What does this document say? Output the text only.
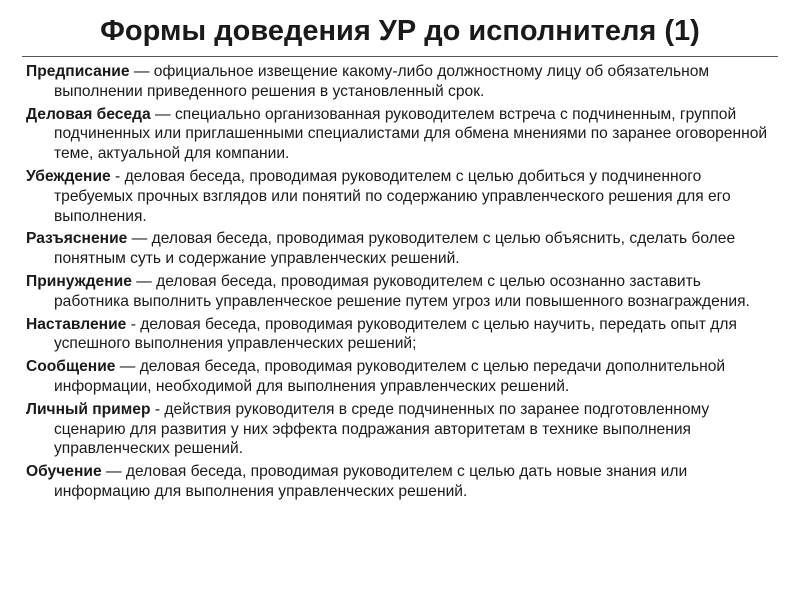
Формы доведения УР до исполнителя (1)
Предписание — официальное извещение какому-либо должностному лицу об обязательном выполнении приведенного решения в установленный срок.
Деловая беседа — специально организованная руководителем встреча с подчиненным, группой подчиненных или приглашенными специалистами для обмена мнениями по заранее оговоренной теме, актуальной для компании.
Убеждение - деловая беседа, проводимая руководителем с целью добиться у подчиненного требуемых прочных взглядов или понятий по содержанию управленческого решения для его выполнения.
Разъяснение — деловая беседа, проводимая руководителем с целью объяснить, сделать более понятным суть и содержание управленческих решений.
Принуждение — деловая беседа, проводимая руководителем с целью осознанно заставить работника выполнить управленческое решение путем угроз или повышенного вознаграждения.
Наставление - деловая беседа, проводимая руководителем с целью научить, передать опыт для успешного выполнения управленческих решений;
Сообщение — деловая беседа, проводимая руководителем с целью передачи дополнительной информации, необходимой для выполнения управленческих решений.
Личный пример - действия руководителя в среде подчиненных по заранее подготовленному сценарию для развития у них эффекта подражания авторитетам в технике выполнения управленческих решений.
Обучение — деловая беседа, проводимая руководителем с целью дать новые знания или информацию для выполнения управленческих решений.
